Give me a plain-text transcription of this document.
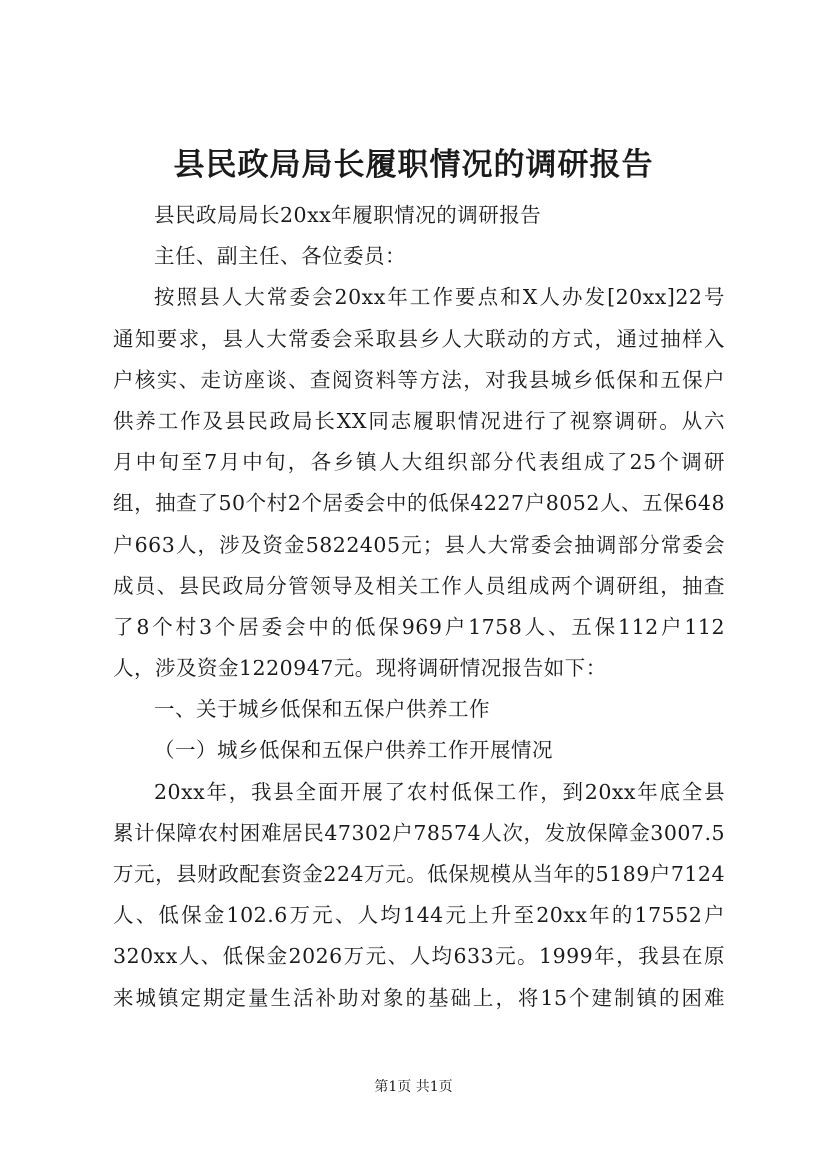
县民政局局长履职情况的调研报告
县民政局局长20xx年履职情况的调研报告
主任、副主任、各位委员：
按照县人大常委会20xx年工作要点和X人办发[20xx]22号
通知要求，县人大常委会采取县乡人大联动的方式，通过抽样入
户核实、走访座谈、查阅资料等方法，对我县城乡低保和五保户
供养工作及县民政局长XX同志履职情况进行了视察调研。从六
月中旬至7月中旬，各乡镇人大组织部分代表组成了25个调研
组，抽查了50个村2个居委会中的低保4227户8052人、五保648
户663人，涉及资金5822405元；县人大常委会抽调部分常委会
成员、县民政局分管领导及相关工作人员组成两个调研组，抽查
了8个村3个居委会中的低保969户1758人、五保112户112
人，涉及资金1220947元。现将调研情况报告如下：
一、关于城乡低保和五保户供养工作
（一）城乡低保和五保户供养工作开展情况
20xx年，我县全面开展了农村低保工作，到20xx年底全县
累计保障农村困难居民47302户78574人次，发放保障金3007.5
万元，县财政配套资金224万元。低保规模从当年的5189户7124
人、低保金102.6万元、人均144元上升至20xx年的17552户
320xx人、低保金2026万元、人均633元。1999年，我县在原
来城镇定期定量生活补助对象的基础上，将15个建制镇的困难
第1页 共1页
